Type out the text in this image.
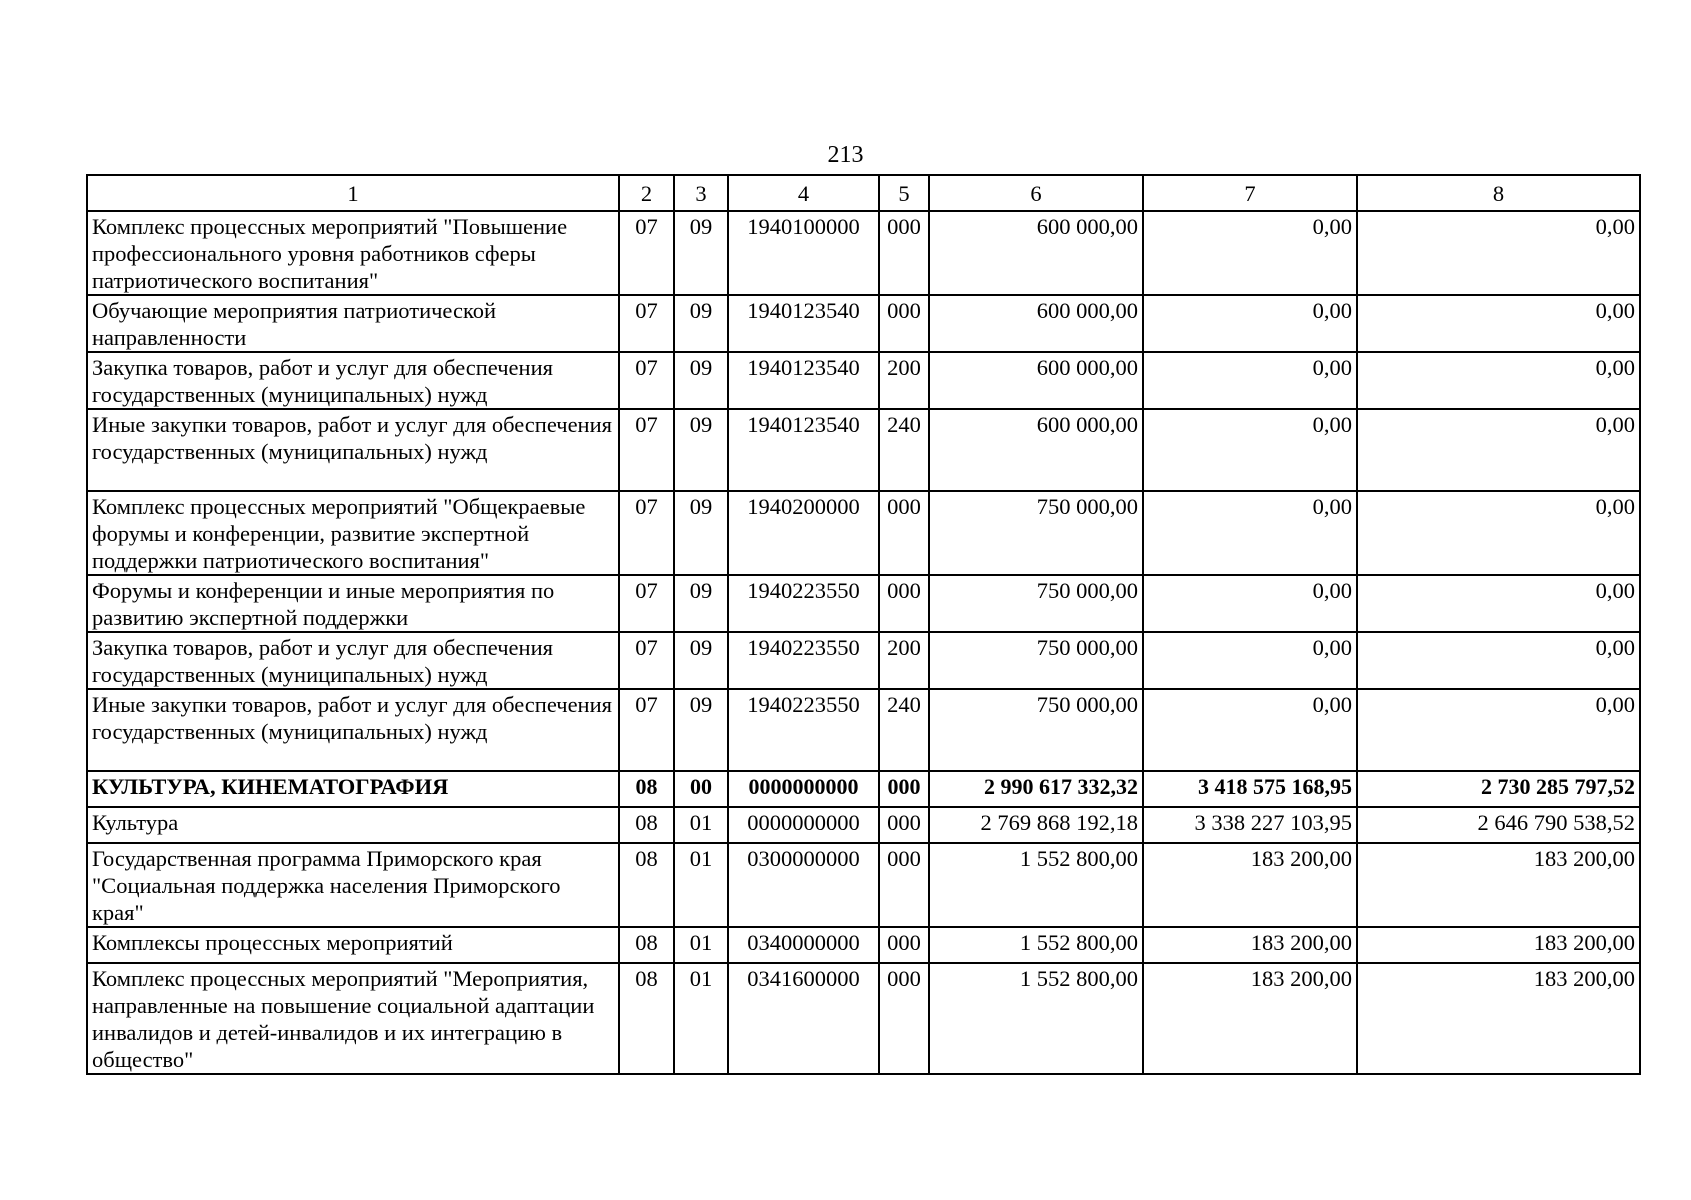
213
1	2	3	4	5	6	7	8
Комплекс процессных мероприятий "Повышение профессионального уровня работников сферы патриотического воспитания"	07	09	1940100000	000	600 000,00	0,00	0,00
Обучающие мероприятия патриотической направленности	07	09	1940123540	000	600 000,00	0,00	0,00
Закупка товаров, работ и услуг для обеспечения государственных (муниципальных) нужд	07	09	1940123540	200	600 000,00	0,00	0,00
Иные закупки товаров, работ и услуг для обеспечения государственных (муниципальных) нужд	07	09	1940123540	240	600 000,00	0,00	0,00
Комплекс процессных мероприятий "Общекраевые форумы и конференции, развитие экспертной поддержки патриотического воспитания"	07	09	1940200000	000	750 000,00	0,00	0,00
Форумы и конференции и иные мероприятия по развитию экспертной поддержки	07	09	1940223550	000	750 000,00	0,00	0,00
Закупка товаров, работ и услуг для обеспечения государственных (муниципальных) нужд	07	09	1940223550	200	750 000,00	0,00	0,00
Иные закупки товаров, работ и услуг для обеспечения государственных (муниципальных) нужд	07	09	1940223550	240	750 000,00	0,00	0,00
КУЛЬТУРА, КИНЕМАТОГРАФИЯ	08	00	0000000000	000	2 990 617 332,32	3 418 575 168,95	2 730 285 797,52
Культура	08	01	0000000000	000	2 769 868 192,18	3 338 227 103,95	2 646 790 538,52
Государственная программа Приморского края "Социальная поддержка населения Приморского края"	08	01	0300000000	000	1 552 800,00	183 200,00	183 200,00
Комплексы процессных мероприятий	08	01	0340000000	000	1 552 800,00	183 200,00	183 200,00
Комплекс процессных мероприятий "Мероприятия, направленные на повышение социальной адаптации инвалидов и детей-инвалидов и их интеграцию в общество"	08	01	0341600000	000	1 552 800,00	183 200,00	183 200,00
